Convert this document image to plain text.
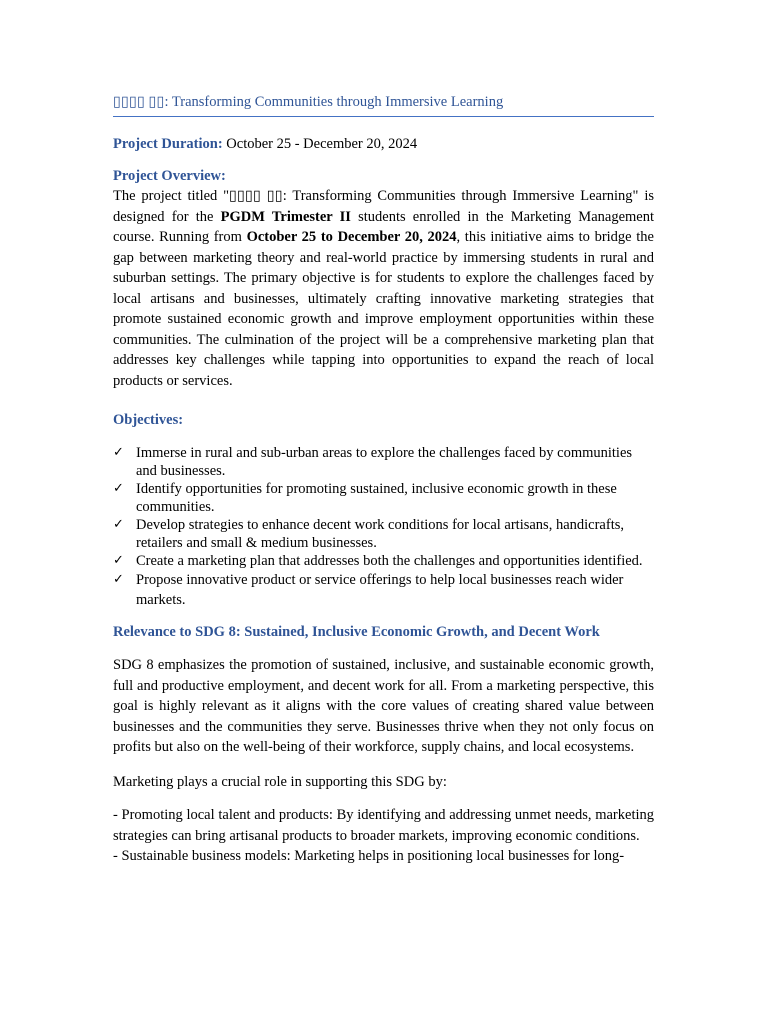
▯▯▯▯ ▯▯: Transforming Communities through Immersive Learning
Project Duration: October 25 - December 20, 2024
Project Overview:

The project titled "▯▯▯▯ ▯▯: Transforming Communities through Immersive Learning" is designed for the PGDM Trimester II students enrolled in the Marketing Management course. Running from October 25 to December 20, 2024, this initiative aims to bridge the gap between marketing theory and real-world practice by immersing students in rural and suburban settings. The primary objective is for students to explore the challenges faced by local artisans and businesses, ultimately crafting innovative marketing strategies that promote sustained economic growth and improve employment opportunities within these communities. The culmination of the project will be a comprehensive marketing plan that addresses key challenges while tapping into opportunities to expand the reach of local products or services.

Objectives:
✓ Immerse in rural and sub-urban areas to explore the challenges faced by communities and businesses.
✓ Identify opportunities for promoting sustained, inclusive economic growth in these communities.
✓ Develop strategies to enhance decent work conditions for local artisans, handicrafts, retailers and small & medium businesses.
✓ Create a marketing plan that addresses both the challenges and opportunities identified.
✓ Propose innovative product or service offerings to help local businesses reach wider markets.
Relevance to SDG 8: Sustained, Inclusive Economic Growth, and Decent Work

SDG 8 emphasizes the promotion of sustained, inclusive, and sustainable economic growth, full and productive employment, and decent work for all. From a marketing perspective, this goal is highly relevant as it aligns with the core values of creating shared value between businesses and the communities they serve. Businesses thrive when they not only focus on profits but also on the well-being of their workforce, supply chains, and local ecosystems.

Marketing plays a crucial role in supporting this SDG by:

- Promoting local talent and products: By identifying and addressing unmet needs, marketing strategies can bring artisanal products to broader markets, improving economic conditions.

- Sustainable business models: Marketing helps in positioning local businesses for long-
